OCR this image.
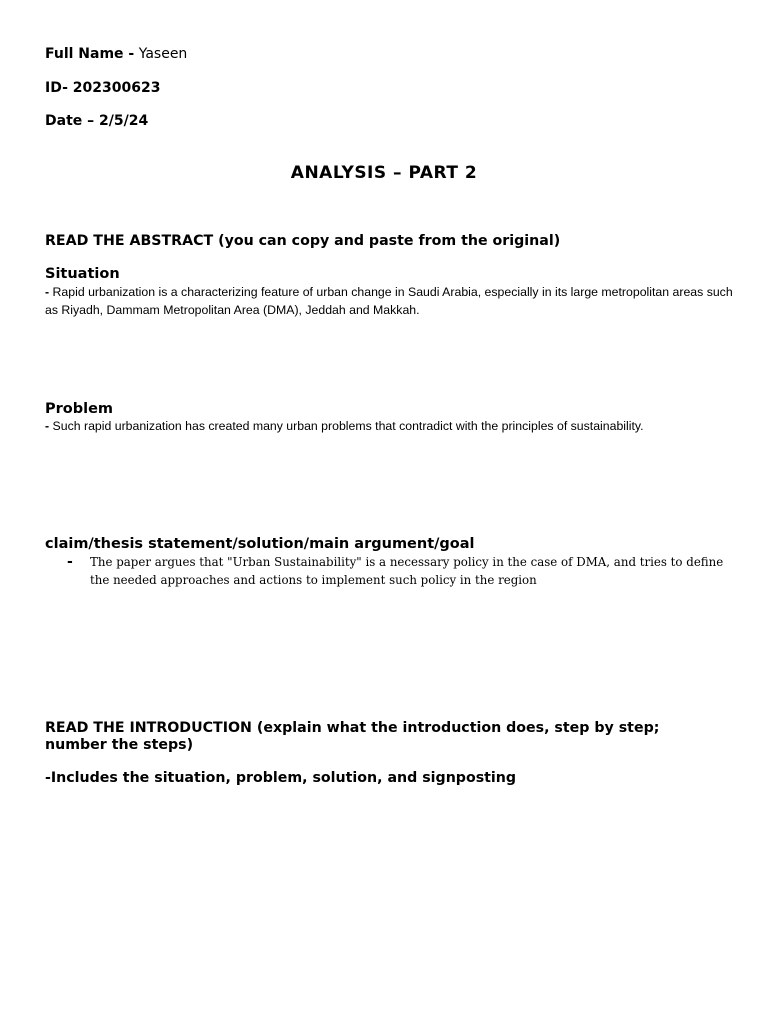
Full Name - Yaseen
ID- 202300623
Date – 2/5/24
ANALYSIS – PART 2
READ THE ABSTRACT (you can copy and paste from the original)
Situation
- Rapid urbanization is a characterizing feature of urban change in Saudi Arabia, especially in its large metropolitan areas such as Riyadh, Dammam Metropolitan Area (DMA), Jeddah and Makkah.
Problem
- Such rapid urbanization has created many urban problems that contradict with the principles of sustainability.
claim/thesis statement/solution/main argument/goal
- The paper argues that "Urban Sustainability" is a necessary policy in the case of DMA, and tries to define the needed approaches and actions to implement such policy in the region
READ THE INTRODUCTION (explain what the introduction does, step by step; number the steps)
-Includes the situation, problem, solution, and signposting
